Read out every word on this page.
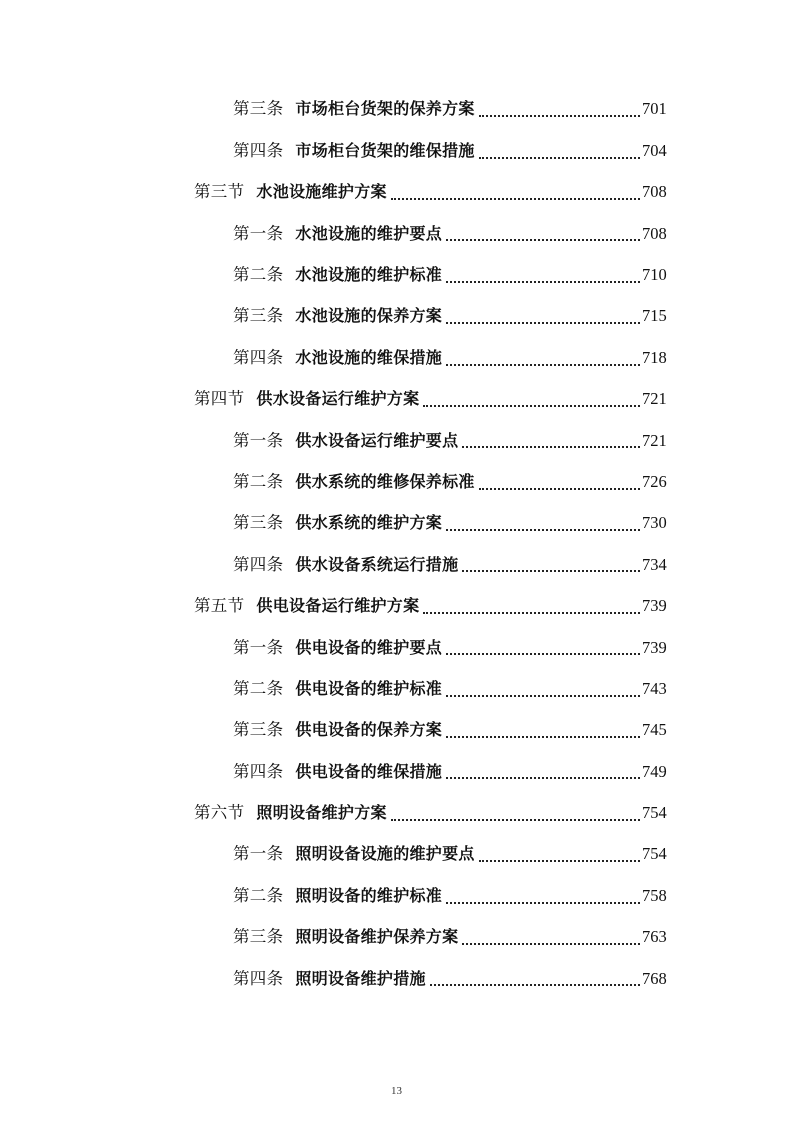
第三条 市场柜台货架的保养方案	701
第四条 市场柜台货架的维保措施	704
第三节 水池设施维护方案	708
第一条 水池设施的维护要点	708
第二条 水池设施的维护标准	710
第三条 水池设施的保养方案	715
第四条 水池设施的维保措施	718
第四节 供水设备运行维护方案	721
第一条 供水设备运行维护要点	721
第二条 供水系统的维修保养标准	726
第三条 供水系统的维护方案	730
第四条 供水设备系统运行措施	734
第五节 供电设备运行维护方案	739
第一条 供电设备的维护要点	739
第二条 供电设备的维护标准	743
第三条 供电设备的保养方案	745
第四条 供电设备的维保措施	749
第六节 照明设备维护方案	754
第一条 照明设备设施的维护要点	754
第二条 照明设备的维护标准	758
第三条 照明设备维护保养方案	763
第四条 照明设备维护措施	768
13
